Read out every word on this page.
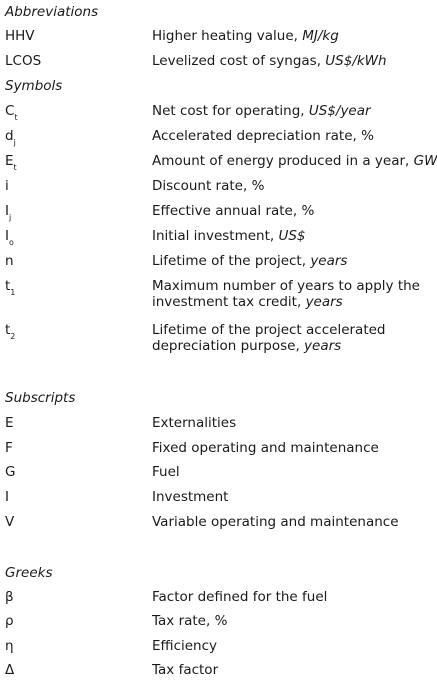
Abbreviations
HHV	Higher heating value, MJ/kg
LCOS	Levelized cost of syngas, US$/kWh
Symbols
$C_t$	Net cost for operating, US$/year
$d_j$	Accelerated depreciation rate, %
$E_t$	Amount of energy produced in a year, GW
i	Discount rate, %
$I_j$	Effective annual rate, %
$I_o$	Initial investment, US$
n	Lifetime of the project, years
$t_1$	Maximum number of years to apply the
investment tax credit, years
$t_2$	Lifetime of the project accelerated
depreciation purpose, years
Subscripts
E	Externalities
F	Fixed operating and maintenance
G	Fuel
I	Investment
V	Variable operating and maintenance
Greeks
β	Factor defined for the fuel
ρ	Tax rate, %
η	Efficiency
Δ	Tax factor
